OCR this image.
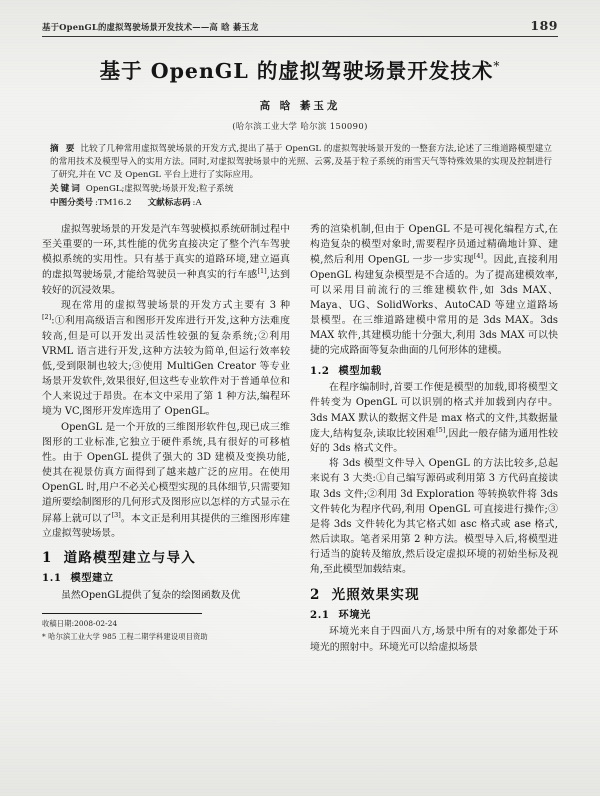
基于OpenGL的虚拟驾驶场景开发技术——高 晗 綦玉龙	189
基于 OpenGL 的虚拟驾驶场景开发技术*
高 晗 綦玉龙
(哈尔滨工业大学 哈尔滨 150090)

摘 要 比较了几种常用虚拟驾驶场景的开发方式,提出了基于 OpenGL 的虚拟驾驶场景开发的一整套方法,论述了三维道路模型建立的常用技术及模型导入的实用方法。同时,对虚拟驾驶场景中的光照、云雾,及基于粒子系统的雨雪天气等特殊效果的实现及控制进行了研究,并在 VC 及 OpenGL 平台上进行了实际应用。

关键词 OpenGL;虚拟驾驶;场景开发;粒子系统

中图分类号 :TM16.2 文献标志码 :A

虚拟驾驶场景的开发是汽车驾驶模拟系统研制过程中至关重要的一环,其性能的优劣直接决定了整个汽车驾驶模拟系统的实用性。只有基于真实的道路环境,建立逼真的虚拟驾驶场景,才能给驾驶员一种真实的行车感[1],达到较好的沉浸效果。

现在常用的虚拟驾驶场景的开发方式主要有 3 种[2]:①利用高级语言和图形开发库进行开发,这种方法难度较高,但是可以开发出灵活性较强的复杂系统;②利用 VRML 语言进行开发,这种方法较为简单,但运行效率较低,受到限制也较大;③使用 MultiGen Creator 等专业场景开发软件,效果很好,但这些专业软件对于普通单位和个人来说过于昂贵。在本文中采用了第 1 种方法,编程环境为 VC,图形开发库选用了 OpenGL。

OpenGL 是一个开放的三维图形软件包,现已成三维图形的工业标准,它独立于硬件系统,具有很好的可移植性。由于 OpenGL 提供了强大的 3D 建模及变换功能,使其在视景仿真方面得到了越来越广泛的应用。在使用 OpenGL 时,用户不必关心模型实现的具体细节,只需要知道所要绘制图形的几何形式及图形应以怎样的方式显示在屏幕上就可以了[3]。本文正是利用其提供的三维图形库建立虚拟驾驶场景。

1 道路模型建立与导入
1.1 模型建立

虽然OpenGL提供了复杂的绘图函数及优

收稿日期:2008-02-24

* 哈尔滨工业大学 985 工程二期学科建设项目资助

秀的渲染机制,但由于 OpenGL 不是可视化编程方式,在构造复杂的模型对象时,需要程序员通过精确地计算、建模,然后利用 OpenGL 一步一步实现[4]。因此,直接利用 OpenGL 构建复杂模型是不合适的。为了提高建模效率,可以采用目前流行的三维建模软件,如 3ds MAX、Maya、UG、SolidWorks、AutoCAD 等建立道路场景模型。在三维道路建模中常用的是 3ds MAX。3ds MAX 软件,其建模功能十分强大,利用 3ds MAX 可以快捷的完成路面等复杂曲面的几何形体的建模。

1.2 模型加载

在程序编制时,首要工作便是模型的加载,即将模型文件转变为 OpenGL 可以识别的格式并加载到内存中。3ds MAX 默认的数据文件是 max 格式的文件,其数据量庞大,结构复杂,读取比较困难[5],因此一般存储为通用性较好的 3ds 格式文件。

将 3ds 模型文件导入 OpenGL 的方法比较多,总起来说有 3 大类:①自己编写源码或利用第 3 方代码直接读取 3ds 文件;②利用 3d Exploration 等转换软件将 3ds 文件转化为程序代码,利用 OpenGL 可直接进行操作;③是将 3ds 文件转化为其它格式如 asc 格式或 ase 格式,然后读取。笔者采用第 2 种方法。模型导入后,将模型进行适当的旋转及缩放,然后设定虚拟环境的初始坐标及视角,至此模型加载结束。

2 光照效果实现
2.1 环境光

环境光来自于四面八方,场景中所有的对象都处于环境光的照射中。环境光可以给虚拟场景
